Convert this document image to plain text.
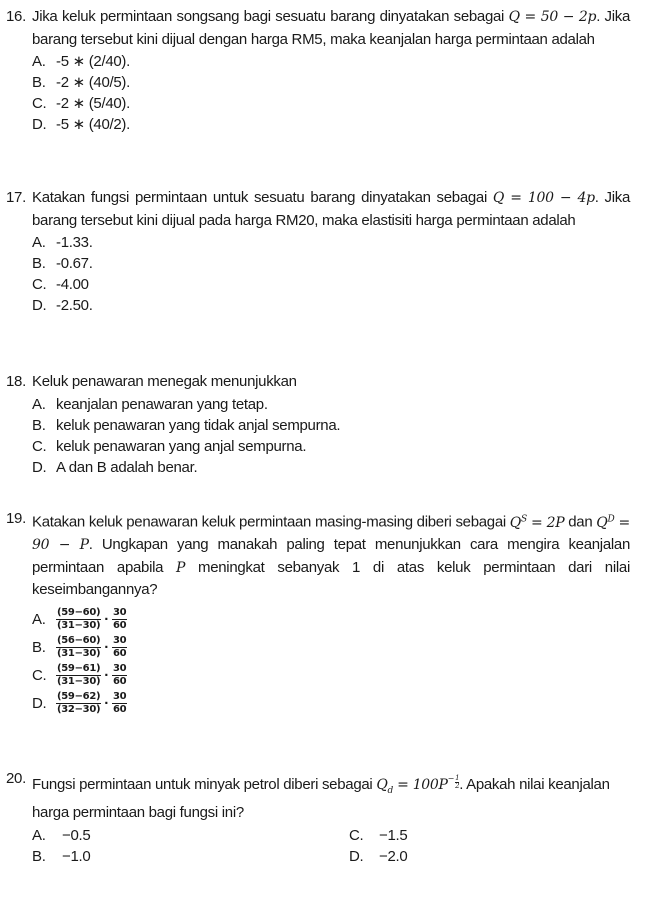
16. Jika keluk permintaan songsang bagi sesuatu barang dinyatakan sebagai Q = 50 − 2p. Jika barang tersebut kini dijual dengan harga RM5, maka keanjalan harga permintaan adalah
A. -5 ∗ (2/40).
B. -2 ∗ (40/5).
C. -2 ∗ (5/40).
D. -5 ∗ (40/2).
17. Katakan fungsi permintaan untuk sesuatu barang dinyatakan sebagai Q = 100 − 4p. Jika barang tersebut kini dijual pada harga RM20, maka elastisiti harga permintaan adalah
A. -1.33.
B. -0.67.
C. -4.00
D. -2.50.
18. Keluk penawaran menegak menunjukkan
A. keanjalan penawaran yang tetap.
B. keluk penawaran yang tidak anjal sempurna.
C. keluk penawaran yang anjal sempurna.
D. A dan B adalah benar.
19. Katakan keluk penawaran keluk permintaan masing-masing diberi sebagai $Q^S = 2P$ dan $Q^D = 90 - P$. Ungkapan yang manakah paling tepat menunjukkan cara mengira keanjalan permintaan apabila P meningkat sebanyak 1 di atas keluk permintaan dari nilai keseimbangannya?
A.	$\frac{(59-60)}{(31-30)} \cdot \frac{30}{60}$
B.	$\frac{(56-60)}{(31-30)} \cdot \frac{30}{60}$
C. $\frac{(59-61)}{(31-30)} \cdot \frac{30}{60}$
D. $\frac{(59-62)}{(32-30)} \cdot \frac{30}{60}$
20. Fungsi permintaan untuk minyak petrol diberi sebagai $Q_d = 100P^- \frac{1}{2}$ . Apakah nilai keanjalan harga permintaan bagi fungsi ini?
A.	−0.5	C.	−1.5
B.	−1.0	D.	−2.0
